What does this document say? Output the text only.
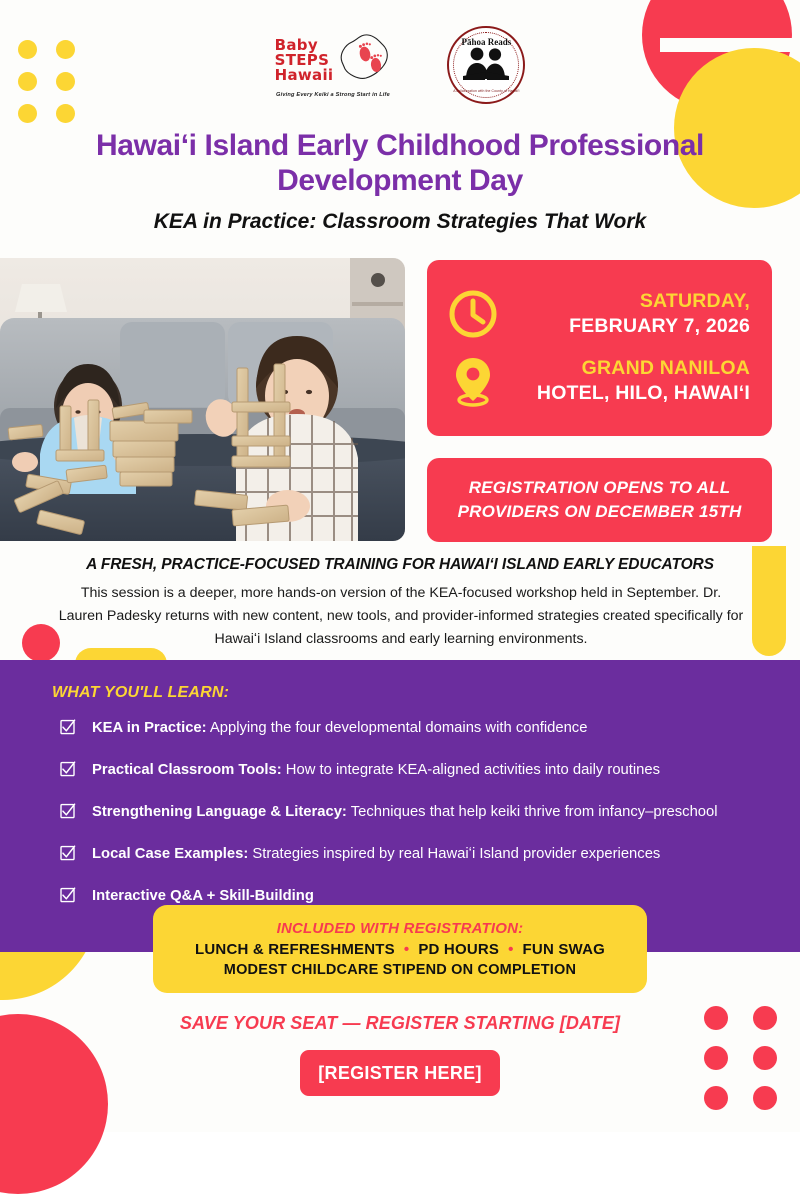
Baby
STEPS
Hawaii
Giving Every Keiki a Strong Start in Life
Pāhoa Reads
A collaboration with the County of Hawai'i
Hawaiʻi Island Early Childhood Professional Development Day
KEA in Practice: Classroom Strategies That Work
SATURDAY,
FEBRUARY 7, 2026
GRAND NANILOA
HOTEL, HILO, HAWAIʻI
REGISTRATION OPENS TO ALL PROVIDERS ON DECEMBER 15TH
A FRESH, PRACTICE-FOCUSED TRAINING FOR HAWAIʻI ISLAND EARLY EDUCATORS

This session is a deeper, more hands-on version of the KEA-focused workshop held in September. Dr. Lauren Padesky returns with new content, new tools, and provider-informed strategies created specifically for Hawaiʻi Island classrooms and early learning environments.

WHAT YOU'LL LEARN:
KEA in Practice: Applying the four developmental domains with confidence
Practical Classroom Tools: How to integrate KEA-aligned activities into daily routines
Strengthening Language & Literacy: Techniques that help keiki thrive from infancy–preschool
Local Case Examples: Strategies inspired by real Hawaiʻi Island provider experiences
Interactive Q&A + Skill-Building
INCLUDED WITH REGISTRATION:
LUNCH & REFRESHMENTS • PD HOURS • FUN SWAG
MODEST CHILDCARE STIPEND ON COMPLETION
SAVE YOUR SEAT — REGISTER STARTING [DATE]
[REGISTER HERE]
